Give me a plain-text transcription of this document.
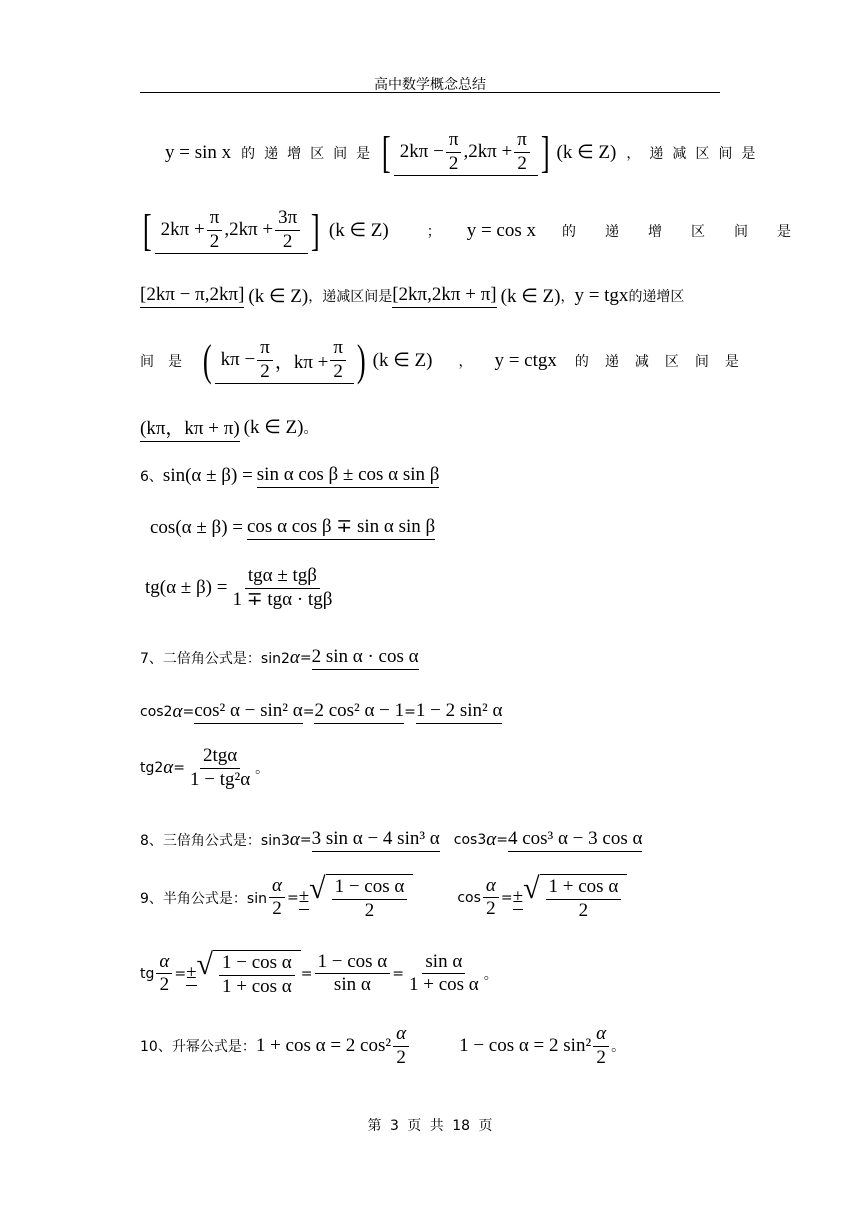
高中数学概念总结
y = sin x 的递增区间是 [ $2k\pi - \frac{\pi}{2} ,2k\pi + \frac{\pi}{2}$ ] (k ∈ Z) ，递减区间是
[ $2k\pi + \frac{\pi}{2} ,2k\pi + \frac{3\pi}{2}$ ] (k ∈ Z)	； y = cos x 的递增区间是
[2kπ − π,2kπ] (k ∈ Z) ，递减区间是 [2kπ,2kπ + π] (k ∈ Z) ， y = tgx 的递增区
间是 ( $k\pi - \frac{\pi}{2}$ ，$k\pi + \frac{\pi}{2}$ ) (k ∈ Z) ， y = ctgx 的递减区间是
(kπ，kπ + π) (k ∈ Z) 。
6、 sin(α ± β) = sin α cos β ± cos α sin β
cos(α ± β) = cos α cos β ∓ sin α sin β
tg(α ± β) =
tgα ± tgβ
1 ∓ tgα · tgβ
7、二倍角公式是：sin2 α = 2 sin α · cos α
cos2 α = cos² α − sin² α = 2 cos² α − 1 = 1 − 2 sin² α
tg2 α =
2tgα
1 − tg²α 。
8、三倍角公式是：sin3 α = 3 sin α − 4 sin³ α cos3 α = 4 cos³ α − 3 cos α
9、半角公式是：$\sin \frac{\alpha}{2}$ = ± √ $\frac{\text{1 − cos α}}{2}$	$\cos \frac{\alpha}{2}$ = ± √ $\frac{\text{1 + cos α}}{2}$
tg $\frac{\alpha}{2}$ = ± √ $\frac{\text{1 − cos α}}{\text{1 + cos α}} = \frac{\text{1 − cos α}}{\text{sin α}} = \frac{\text{sin α}}{\text{1 + cos α}}$ 。
10、升幂公式是： 1 + cos α = 2 cos²
α
2
1 − cos α = 2 sin²
α
2 。
第 3 页 共 18 页
